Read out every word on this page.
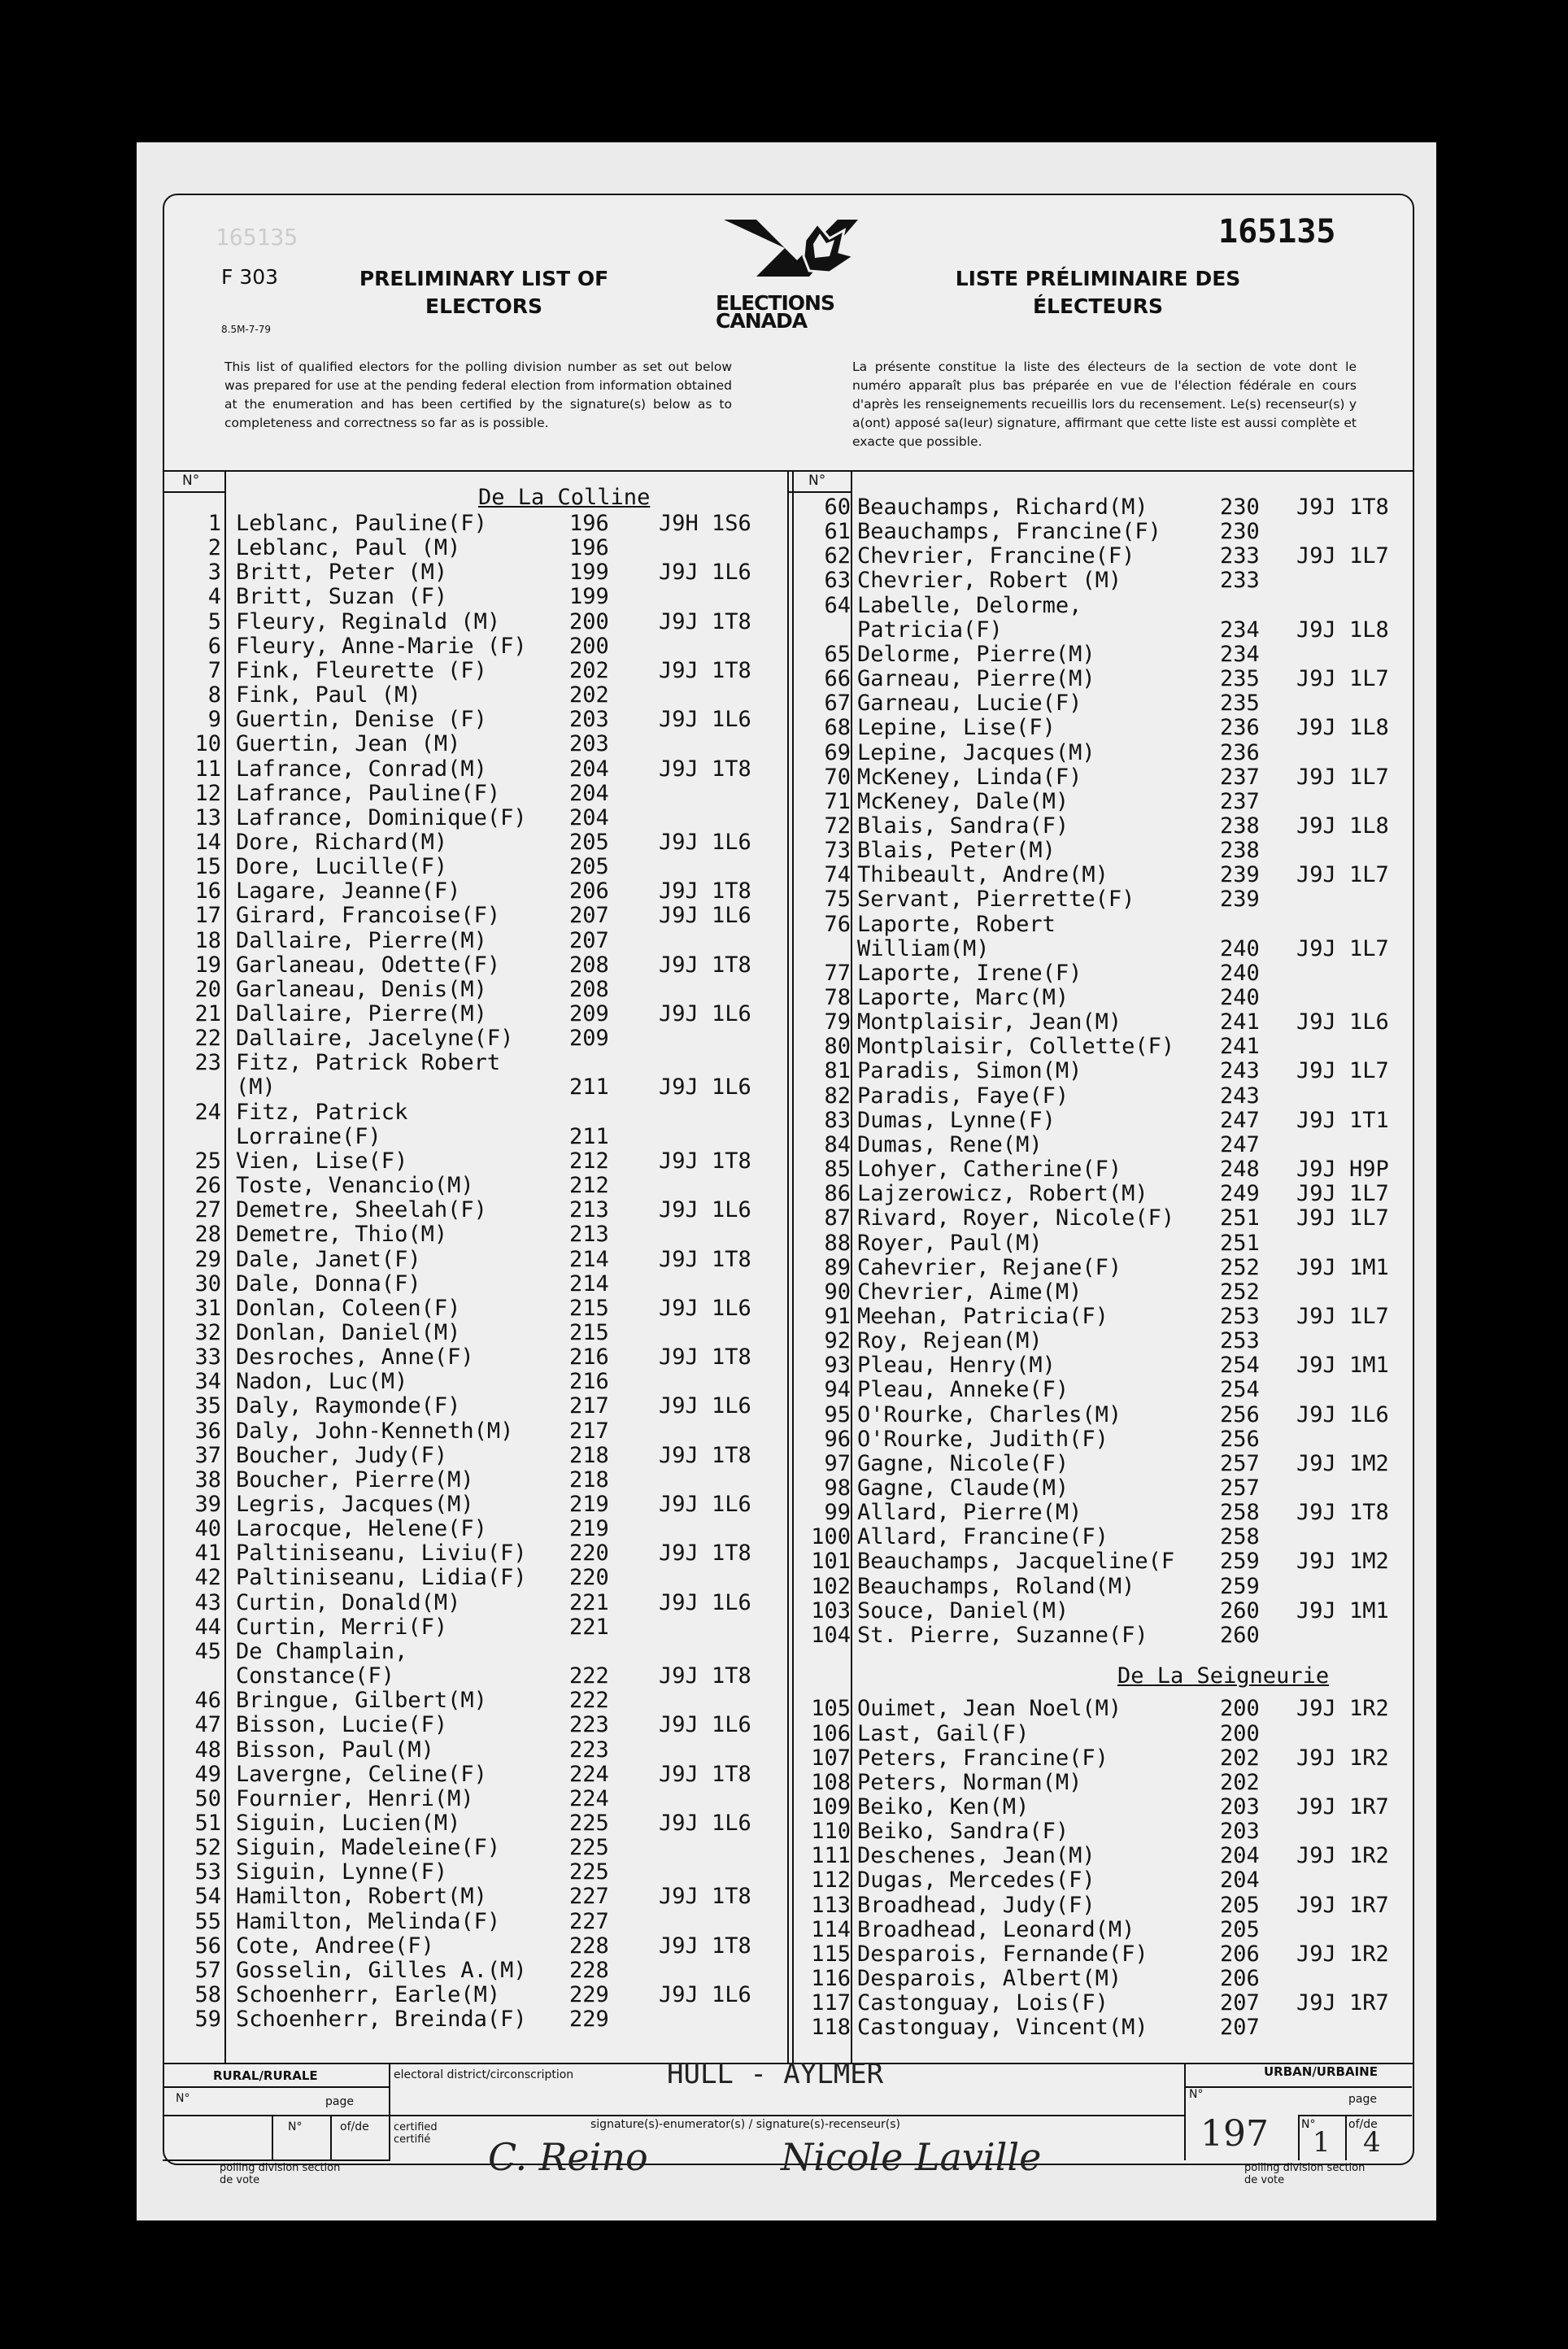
165135	165135
F 303	PRELIMINARY LIST OF ELECTORS
LISTE PRÉLIMINAIRE DES ÉLECTEURS
8.5M-7-79
ELECTIONS CANADA
This list of qualified electors for the polling division number as set out below was prepared for use at the pending federal election from information obtained at the enumeration and has been certified by the signature(s) below as to completeness and correctness so far as is possible.
La présente constitue la liste des électeurs de la section de vote dont le numéro apparaît plus bas préparée en vue de l'élection fédérale en cours d'après les renseignements recueillis lors du recensement. Le(s) recenseur(s) y a(ont) apposé sa(leur) signature, affirmant que cette liste est aussi complète et exacte que possible.
N°	N°
De La Colline
De La Seigneurie
1 Leblanc, Pauline(F)	196 J9H 1S6
2 Leblanc, Paul (M)	196
3 Britt, Peter (M)	199 J9J 1L6
4 Britt, Suzan (F)	199
5 Fleury, Reginald (M)	200 J9J 1T8
6 Fleury, Anne-Marie (F) 200
7 Fink, Fleurette (F)	202 J9J 1T8
8 Fink, Paul (M)	202
9 Guertin, Denise (F)	203 J9J 1L6
10 Guertin, Jean (M)	203
11 Lafrance, Conrad(M)	204 J9J 1T8
12 Lafrance, Pauline(F)	204
13 Lafrance, Dominique(F) 204
14 Dore, Richard(M)	205 J9J 1L6
15 Dore, Lucille(F)	205
16 Lagare, Jeanne(F)	206 J9J 1T8
17 Girard, Francoise(F)	207 J9J 1L6
18 Dallaire, Pierre(M)	207
19 Garlaneau, Odette(F)	208 J9J 1T8
20 Garlaneau, Denis(M)	208
21 Dallaire, Pierre(M)	209 J9J 1L6
22 Dallaire, Jacelyne(F)	209
23 Fitz, Patrick Robert
(M)	211 J9J 1L6
24 Fitz, Patrick
Lorraine(F)	211
25 Vien, Lise(F)	212 J9J 1T8
26 Toste, Venancio(M)	212
27 Demetre, Sheelah(F)	213 J9J 1L6
28 Demetre, Thio(M)	213
29 Dale, Janet(F)	214 J9J 1T8
30 Dale, Donna(F)	214
31 Donlan, Coleen(F)	215 J9J 1L6
32 Donlan, Daniel(M)	215
33 Desroches, Anne(F)	216 J9J 1T8
34 Nadon, Luc(M)	216
35 Daly, Raymonde(F)	217 J9J 1L6
36 Daly, John-Kenneth(M)	217
37 Boucher, Judy(F)	218 J9J 1T8
38 Boucher, Pierre(M)	218
39 Legris, Jacques(M)	219 J9J 1L6
40 Larocque, Helene(F)	219
41 Paltiniseanu, Liviu(F) 220 J9J 1T8
42 Paltiniseanu, Lidia(F) 220
43 Curtin, Donald(M)	221 J9J 1L6
44 Curtin, Merri(F)	221
45 De Champlain,
Constance(F)	222 J9J 1T8
46 Bringue, Gilbert(M)	222
47 Bisson, Lucie(F)	223 J9J 1L6
48 Bisson, Paul(M)	223
49 Lavergne, Celine(F)	224 J9J 1T8
50 Fournier, Henri(M)	224
51 Siguin, Lucien(M)	225 J9J 1L6
52 Siguin, Madeleine(F)	225
53 Siguin, Lynne(F)	225
54 Hamilton, Robert(M)	227 J9J 1T8
55 Hamilton, Melinda(F)	227
56 Cote, Andree(F)	228 J9J 1T8
57 Gosselin, Gilles A.(M) 228
58 Schoenherr, Earle(M)	229 J9J 1L6
59 Schoenherr, Breinda(F) 229
60 Beauchamps, Richard(M)	230 J9J 1T8
61 Beauchamps, Francine(F)	230
62 Chevrier, Francine(F)	233 J9J 1L7
63 Chevrier, Robert (M)	233
64 Labelle, Delorme,
Patricia(F)	234 J9J 1L8
65 Delorme, Pierre(M)	234
66 Garneau, Pierre(M)	235 J9J 1L7
67 Garneau, Lucie(F)	235
68 Lepine, Lise(F)	236 J9J 1L8
69 Lepine, Jacques(M)	236
70 McKeney, Linda(F)	237 J9J 1L7
71 McKeney, Dale(M)	237
72 Blais, Sandra(F)	238 J9J 1L8
73 Blais, Peter(M)	238
74 Thibeault, Andre(M)	239 J9J 1L7
75 Servant, Pierrette(F)	239
76 Laporte, Robert
William(M)	240 J9J 1L7
77 Laporte, Irene(F)	240
78 Laporte, Marc(M)	240
79 Montplaisir, Jean(M)	241 J9J 1L6
80 Montplaisir, Collette(F) 241
81 Paradis, Simon(M)	243 J9J 1L7
82 Paradis, Faye(F)	243
83 Dumas, Lynne(F)	247 J9J 1T1
84 Dumas, Rene(M)	247
85 Lohyer, Catherine(F)	248 J9J H9P
86 Lajzerowicz, Robert(M)	249 J9J 1L7
87 Rivard, Royer, Nicole(F) 251 J9J 1L7
88 Royer, Paul(M)	251
89 Cahevrier, Rejane(F)	252 J9J 1M1
90 Chevrier, Aime(M)	252
91 Meehan, Patricia(F)	253 J9J 1L7
92 Roy, Rejean(M)	253
93 Pleau, Henry(M)	254 J9J 1M1
94 Pleau, Anneke(F)	254
95 O'Rourke, Charles(M)	256 J9J 1L6
96 O'Rourke, Judith(F)	256
97 Gagne, Nicole(F)	257 J9J 1M2
98 Gagne, Claude(M)	257
99 Allard, Pierre(M)	258 J9J 1T8
100 Allard, Francine(F)	258
101 Beauchamps, Jacqueline(F 259 J9J 1M2
102 Beauchamps, Roland(M)	259
103 Souce, Daniel(M)	260 J9J 1M1
104 St. Pierre, Suzanne(F)	260
105 Ouimet, Jean Noel(M)	200 J9J 1R2
106 Last, Gail(F)	200
107 Peters, Francine(F)	202 J9J 1R2
108 Peters, Norman(M)	202
109 Beiko, Ken(M)	203 J9J 1R7
110 Beiko, Sandra(F)	203
111 Deschenes, Jean(M)	204 J9J 1R2
112 Dugas, Mercedes(F)	204
113 Broadhead, Judy(F)	205 J9J 1R7
114 Broadhead, Leonard(M)	205
115 Desparois, Fernande(F)	206 J9J 1R2
116 Desparois, Albert(M)	206
117 Castonguay, Lois(F)	207 J9J 1R7
118 Castonguay, Vincent(M)	207
RURAL/RURALE	URBAN/URBAINE
N°	page
N°	of/de
polling division section de vote
electoral district/circonscription	HULL - AYLMER
certified certifié
signature(s)-enumerator(s) / signature(s)-recenseur(s)
C. Reino	Nicole Laville
N°	page
N°	of/de
197 1 4
polling division section de vote
